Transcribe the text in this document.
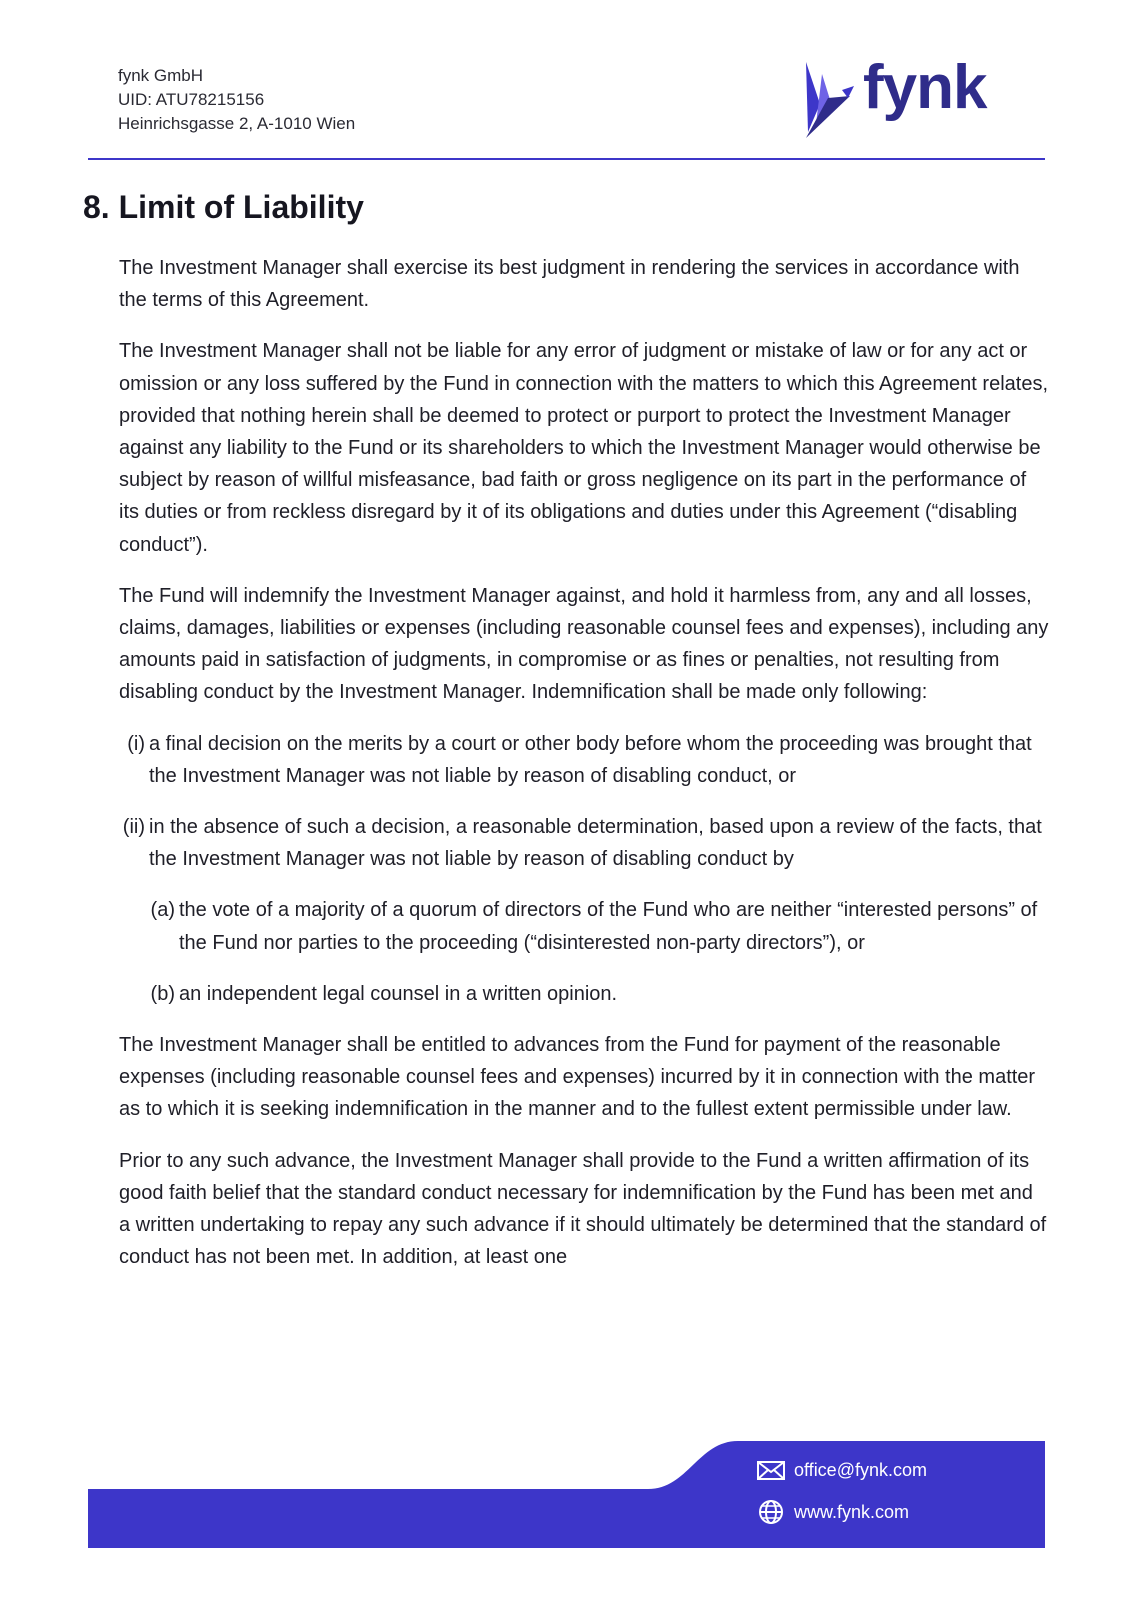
fynk GmbH
UID: ATU78215156
Heinrichsgasse 2, A-1010 Wien
fynk
8. Limit of Liability

The Investment Manager shall exercise its best judgment in rendering the services in accordance with the terms of this Agreement.

The Investment Manager shall not be liable for any error of judgment or mistake of law or for any act or omission or any loss suffered by the Fund in connection with the matters to which this Agreement relates, provided that nothing herein shall be deemed to protect or purport to protect the Investment Manager against any liability to the Fund or its shareholders to which the Investment Manager would otherwise be subject by reason of willful misfeasance, bad faith or gross negligence on its part in the performance of its duties or from reckless disregard by it of its obligations and duties under this Agreement (“disabling conduct”).

The Fund will indemnify the Investment Manager against, and hold it harmless from, any and all losses, claims, damages, liabilities or expenses (including reasonable counsel fees and expenses), including any amounts paid in satisfaction of judgments, in compromise or as fines or penalties, not resulting from disabling conduct by the Investment Manager. Indemnification shall be made only following:

(i) a final decision on the merits by a court or other body before whom the proceeding was brought that the Investment Manager was not liable by reason of disabling conduct, or
(ii) in the absence of such a decision, a reasonable determination, based upon a review of the facts, that the Investment Manager was not liable by reason of disabling conduct by
(a) the vote of a majority of a quorum of directors of the Fund who are neither “interested persons” of the Fund nor parties to the proceeding (“disinterested non-party directors”), or
(b) an independent legal counsel in a written opinion.

The Investment Manager shall be entitled to advances from the Fund for payment of the reasonable expenses (including reasonable counsel fees and expenses) incurred by it in connection with the matter as to which it is seeking indemnification in the manner and to the fullest extent permissible under law.

Prior to any such advance, the Investment Manager shall provide to the Fund a written affirmation of its good faith belief that the standard conduct necessary for indemnification by the Fund has been met and a written undertaking to repay any such advance if it should ultimately be determined that the standard of conduct has not been met. In addition, at least one

office@fynk.com
www.fynk.com
